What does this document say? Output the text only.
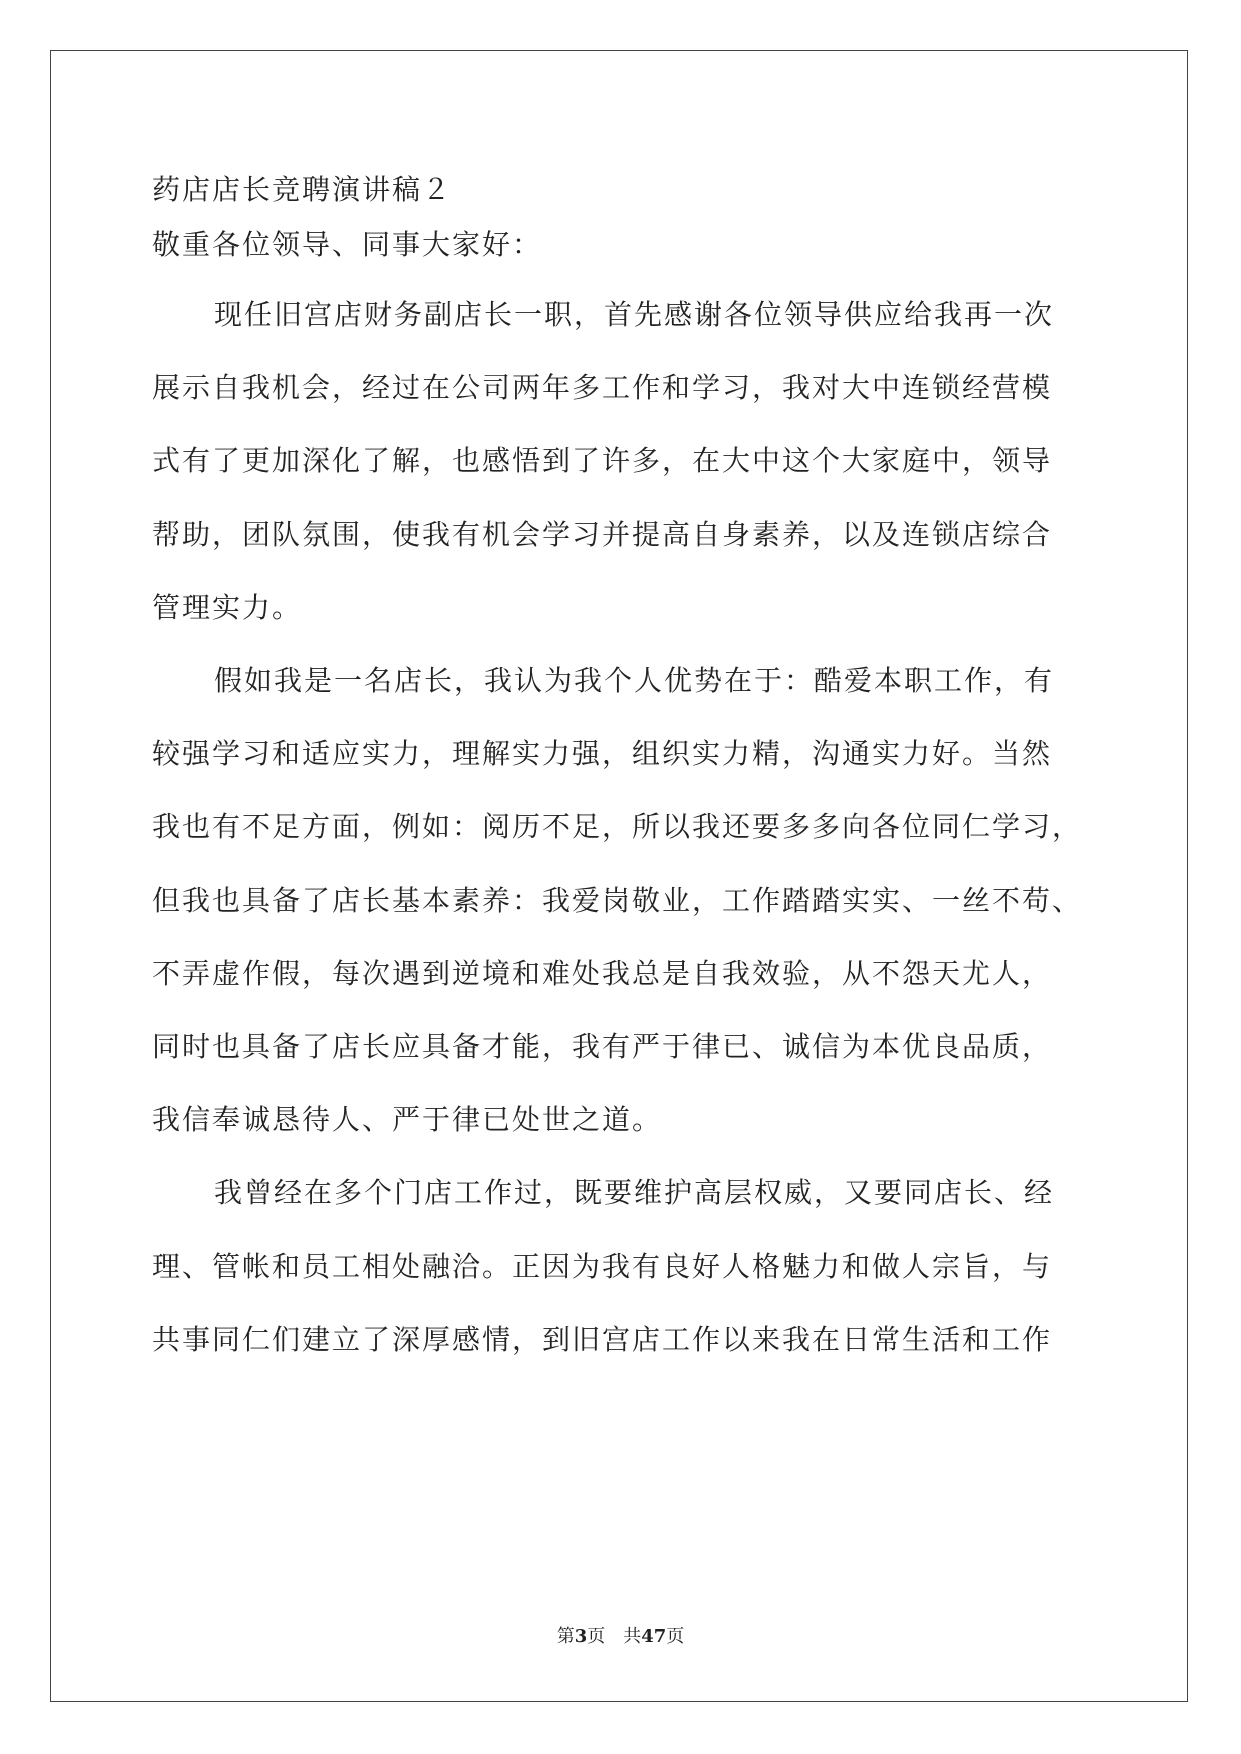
药店店长竞聘演讲稿２
敬重各位领导、同事大家好：
现任旧宫店财务副店长一职，首先感谢各位领导供应给我再一次
展示自我机会，经过在公司两年多工作和学习，我对大中连锁经营模
式有了更加深化了解，也感悟到了许多，在大中这个大家庭中，领导
帮助，团队氛围，使我有机会学习并提高自身素养，以及连锁店综合
管理实力。
假如我是一名店长，我认为我个人优势在于：酷爱本职工作，有
较强学习和适应实力，理解实力强，组织实力精，沟通实力好。当然
我也有不足方面，例如：阅历不足，所以我还要多多向各位同仁学习，
但我也具备了店长基本素养：我爱岗敬业，工作踏踏实实、一丝不苟、
不弄虚作假，每次遇到逆境和难处我总是自我效验，从不怨天尤人，
同时也具备了店长应具备才能，我有严于律已、诚信为本优良品质，
我信奉诚恳待人、严于律已处世之道。
我曾经在多个门店工作过，既要维护高层权威，又要同店长、经
理、管帐和员工相处融洽。正因为我有良好人格魅力和做人宗旨，与
共事同仁们建立了深厚感情，到旧宫店工作以来我在日常生活和工作
第3页　共47页
